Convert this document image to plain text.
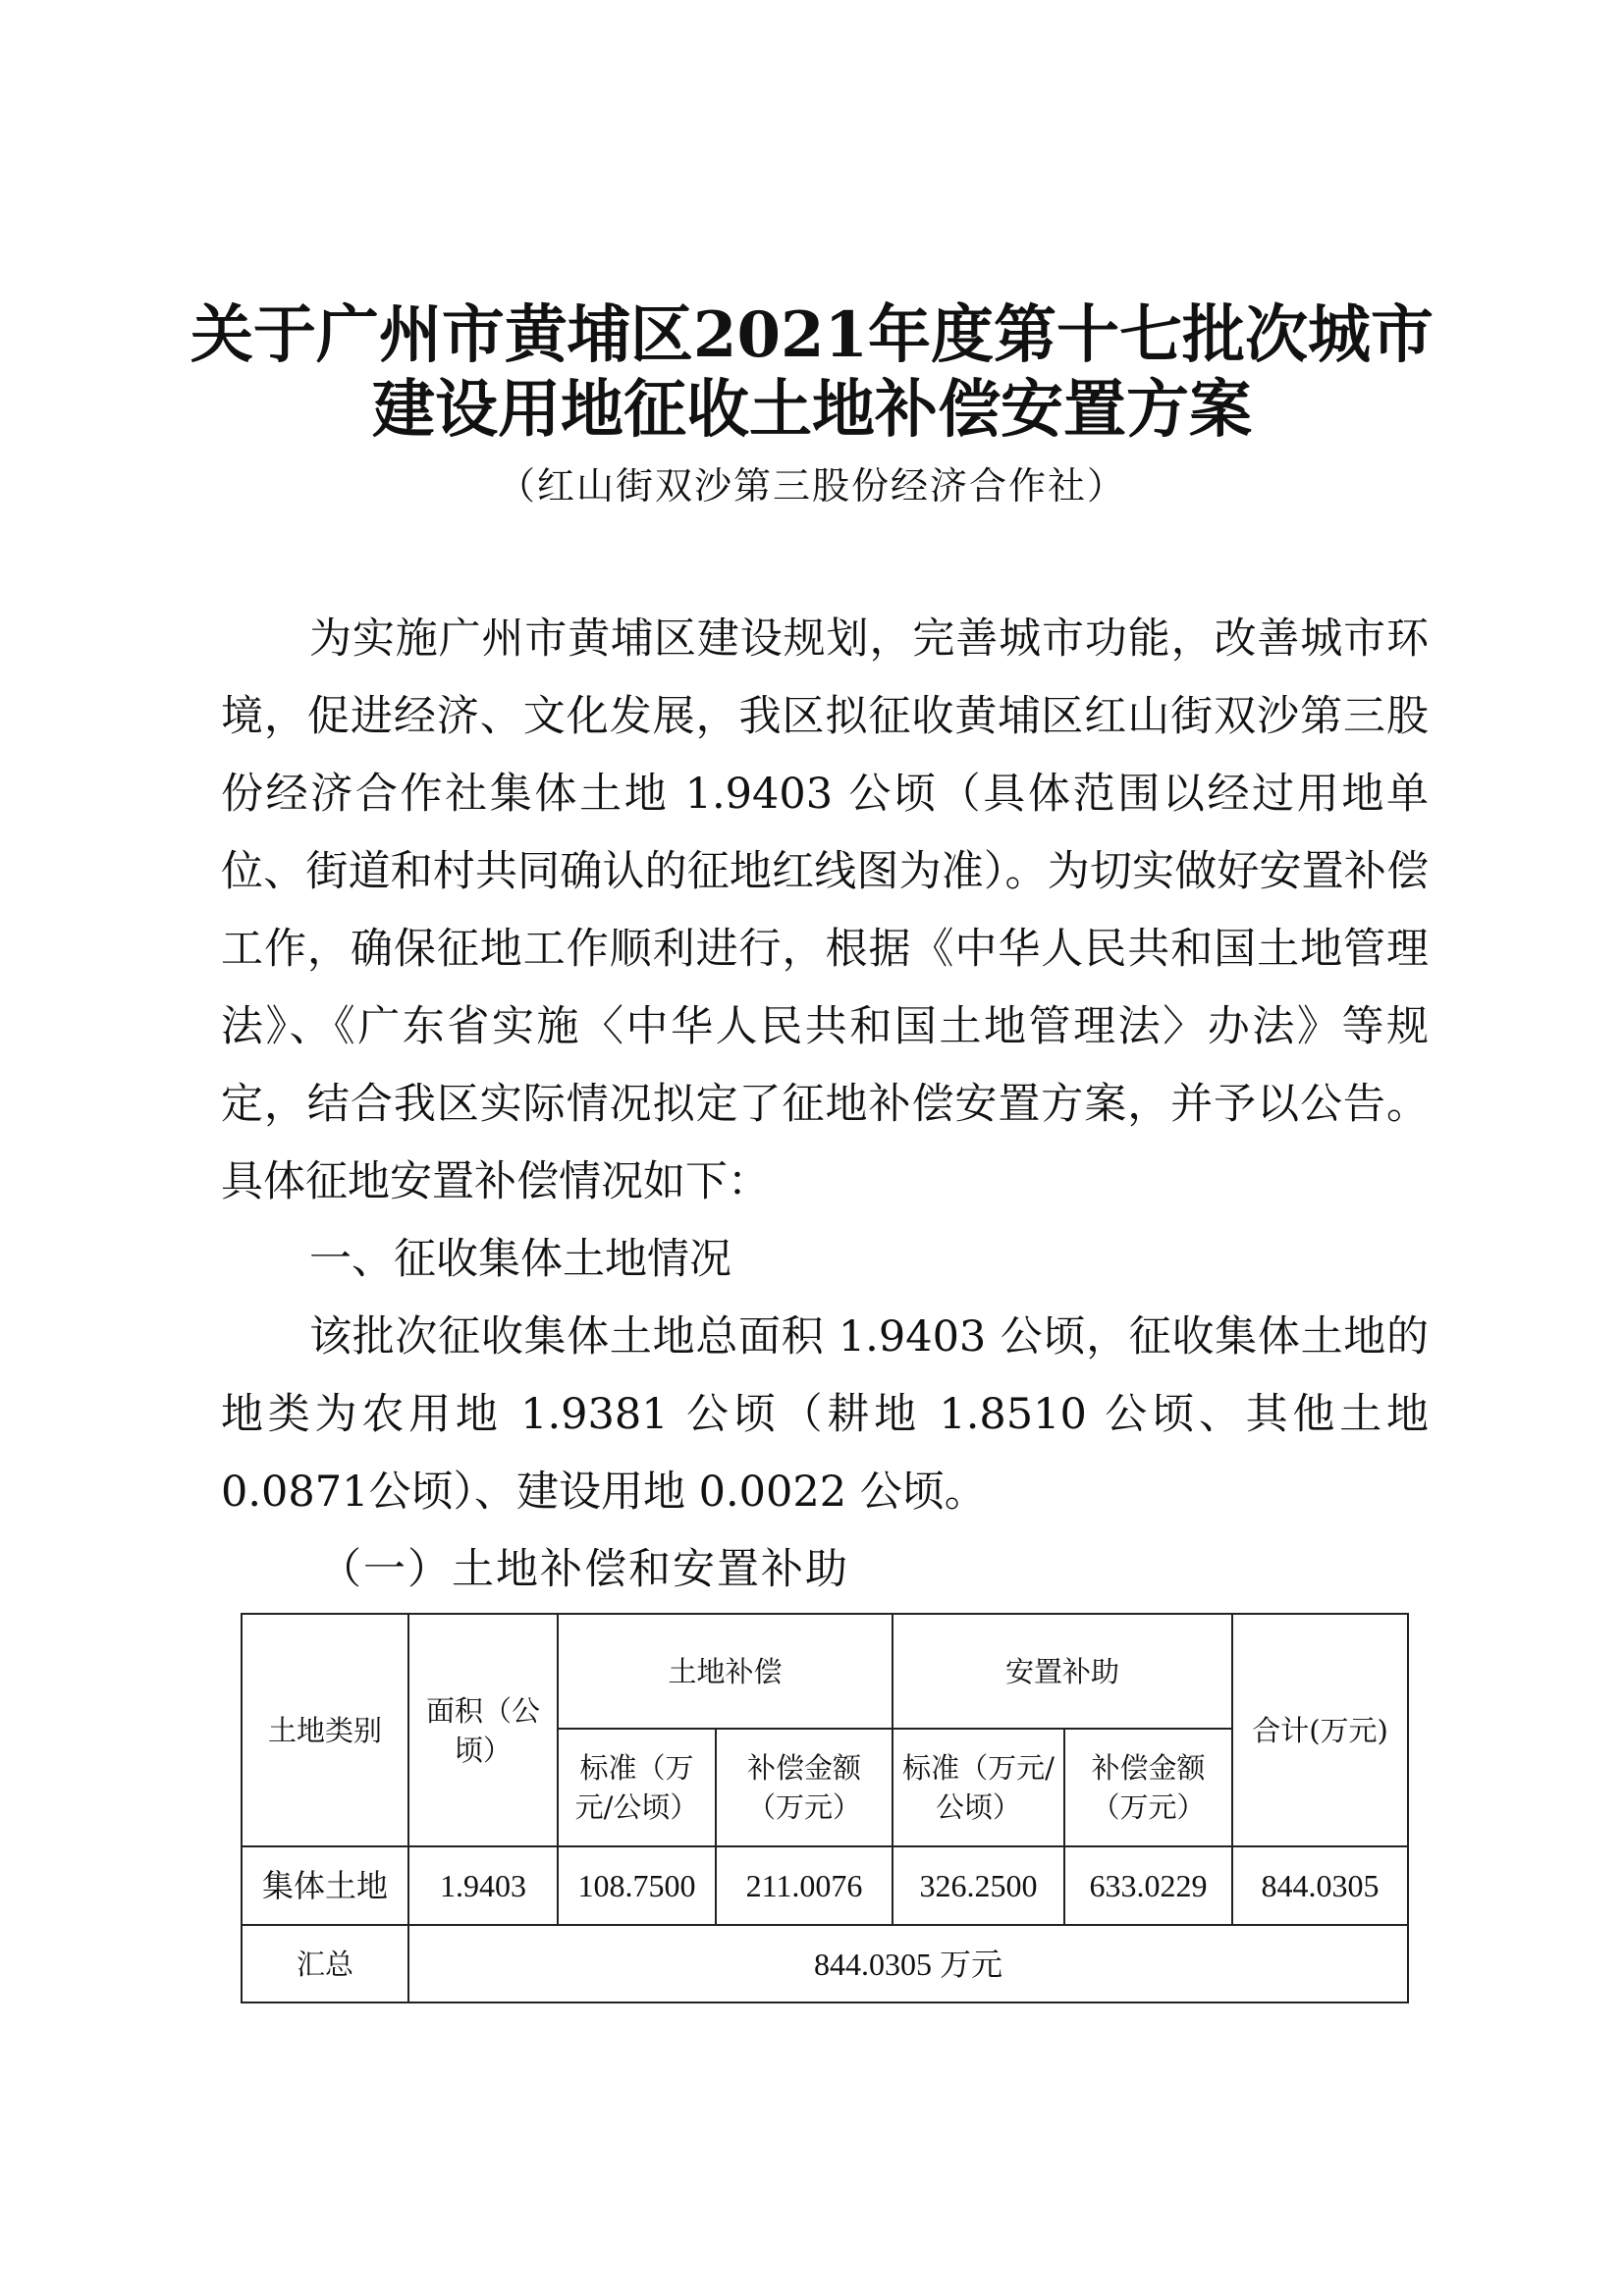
关于广州市黄埔区2021年度第十七批次城市
建设用地征收土地补偿安置方案
（红山街双沙第三股份经济合作社）

为实施广州市黄埔区建设规划，完善城市功能，改善城市环境，促进经济、文化发展，我区拟征收黄埔区红山街双沙第三股份经济合作社集体土地 1.9403 公顷（具体范围以经过用地单位、街道和村共同确认的征地红线图为准）。为切实做好安置补偿工作，确保征地工作顺利进行，根据《中华人民共和国土地管理法》、《广东省实施〈中华人民共和国土地管理法〉办法》等规定，结合我区实际情况拟定了征地补偿安置方案，并予以公告。具体征地安置补偿情况如下：

一、征收集体土地情况

该批次征收集体土地总面积 1.9403 公顷，征收集体土地的地类为农用地 1.9381 公顷（耕地 1.8510 公顷、其他土地 0.0871公顷）、建设用地 0.0022 公顷。

（一）土地补偿和安置补助

土地类别	面积（公顷）	土地补偿		安置补助		合计(万元)
		标准（万元/公顷）	补偿金额（万元）	标准（万元/公顷）	补偿金额（万元）	
集体土地	1.9403	108.7500	211.0076	326.2500	633.0229	844.0305
汇总	844.0305 万元					
